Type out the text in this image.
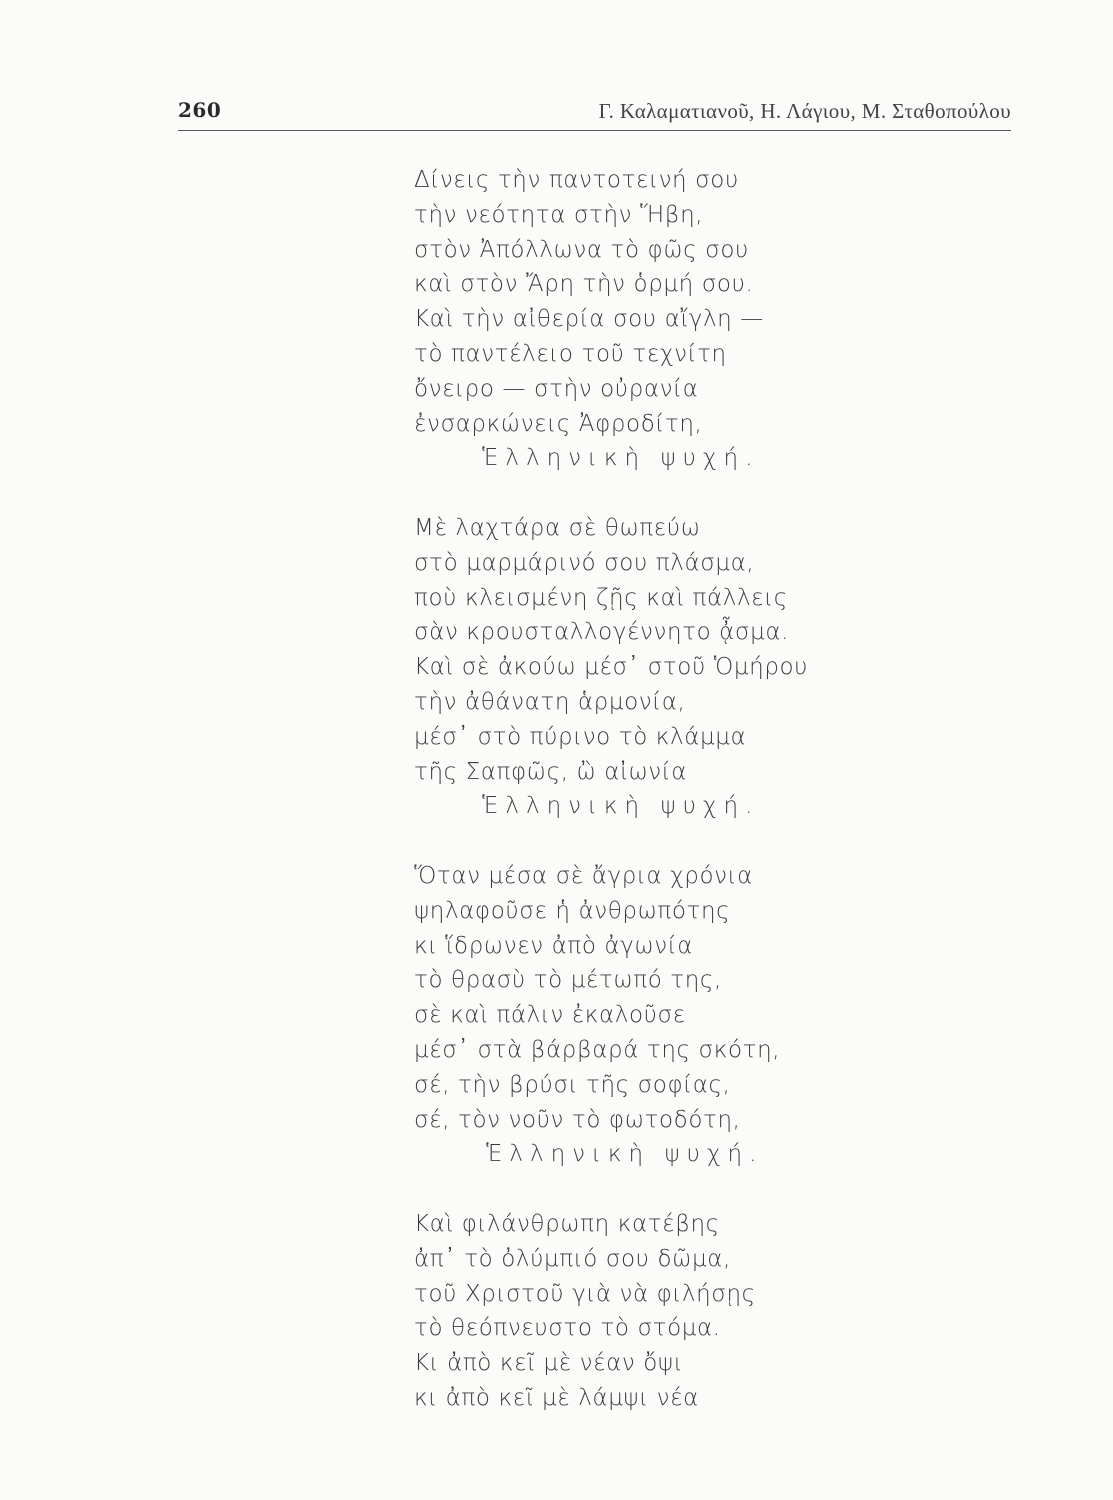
260	Γ. Καλαματιανοῦ, Η. Λάγιου, Μ. Σταθοπούλου
Δίνεις τὴν παντοτεινή σου
τὴν νεότητα στὴν Ἥβη,
στὸν Ἀπόλλωνα τὸ φῶς σου
καὶ στὸν Ἄρη τὴν ὁρμή σου.
Καὶ τὴν αἰθερία σου αἴγλη —
τὸ παντέλειο τοῦ τεχνίτη
ὄνειρο — στὴν οὐρανία
ἐνσαρκώνεις Ἀφροδίτη,
Ἑλληνικὴ ψυχή.
Μὲ λαχτάρα σὲ θωπεύω
στὸ μαρμάρινό σου πλάσμα,
ποὺ κλεισμένη ζῇς καὶ πάλλεις
σὰν κρουσταλλογέννητο ᾆσμα.
Καὶ σὲ ἀκούω μέσ᾽ στοῦ Ὁμήρου
τὴν ἀθάνατη ἁρμονία,
μέσ᾽ στὸ πύρινο τὸ κλάμμα
τῆς Σαπφῶς, ὢ αἰωνία
Ἑλληνικὴ ψυχή.
Ὅταν μέσα σὲ ἄγρια χρόνια
ψηλαφοῦσε ἡ ἀνθρωπότης
κι ἵδρωνεν ἀπὸ ἀγωνία
τὸ θρασὺ τὸ μέτωπό της,
σὲ καὶ πάλιν ἐκαλοῦσε
μέσ᾽ στὰ βάρβαρά της σκότη,
σέ, τὴν βρύσι τῆς σοφίας,
σέ, τὸν νοῦν τὸ φωτοδότη,
Ἑλληνικὴ ψυχή.
Καὶ φιλάνθρωπη κατέβης
ἀπ᾽ τὸ ὀλύμπιό σου δῶμα,
τοῦ Χριστοῦ γιὰ νὰ φιλήσῃς
τὸ θεόπνευστο τὸ στόμα.
Κι ἀπὸ κεῖ μὲ νέαν ὄψι
κι ἀπὸ κεῖ μὲ λάμψι νέα
